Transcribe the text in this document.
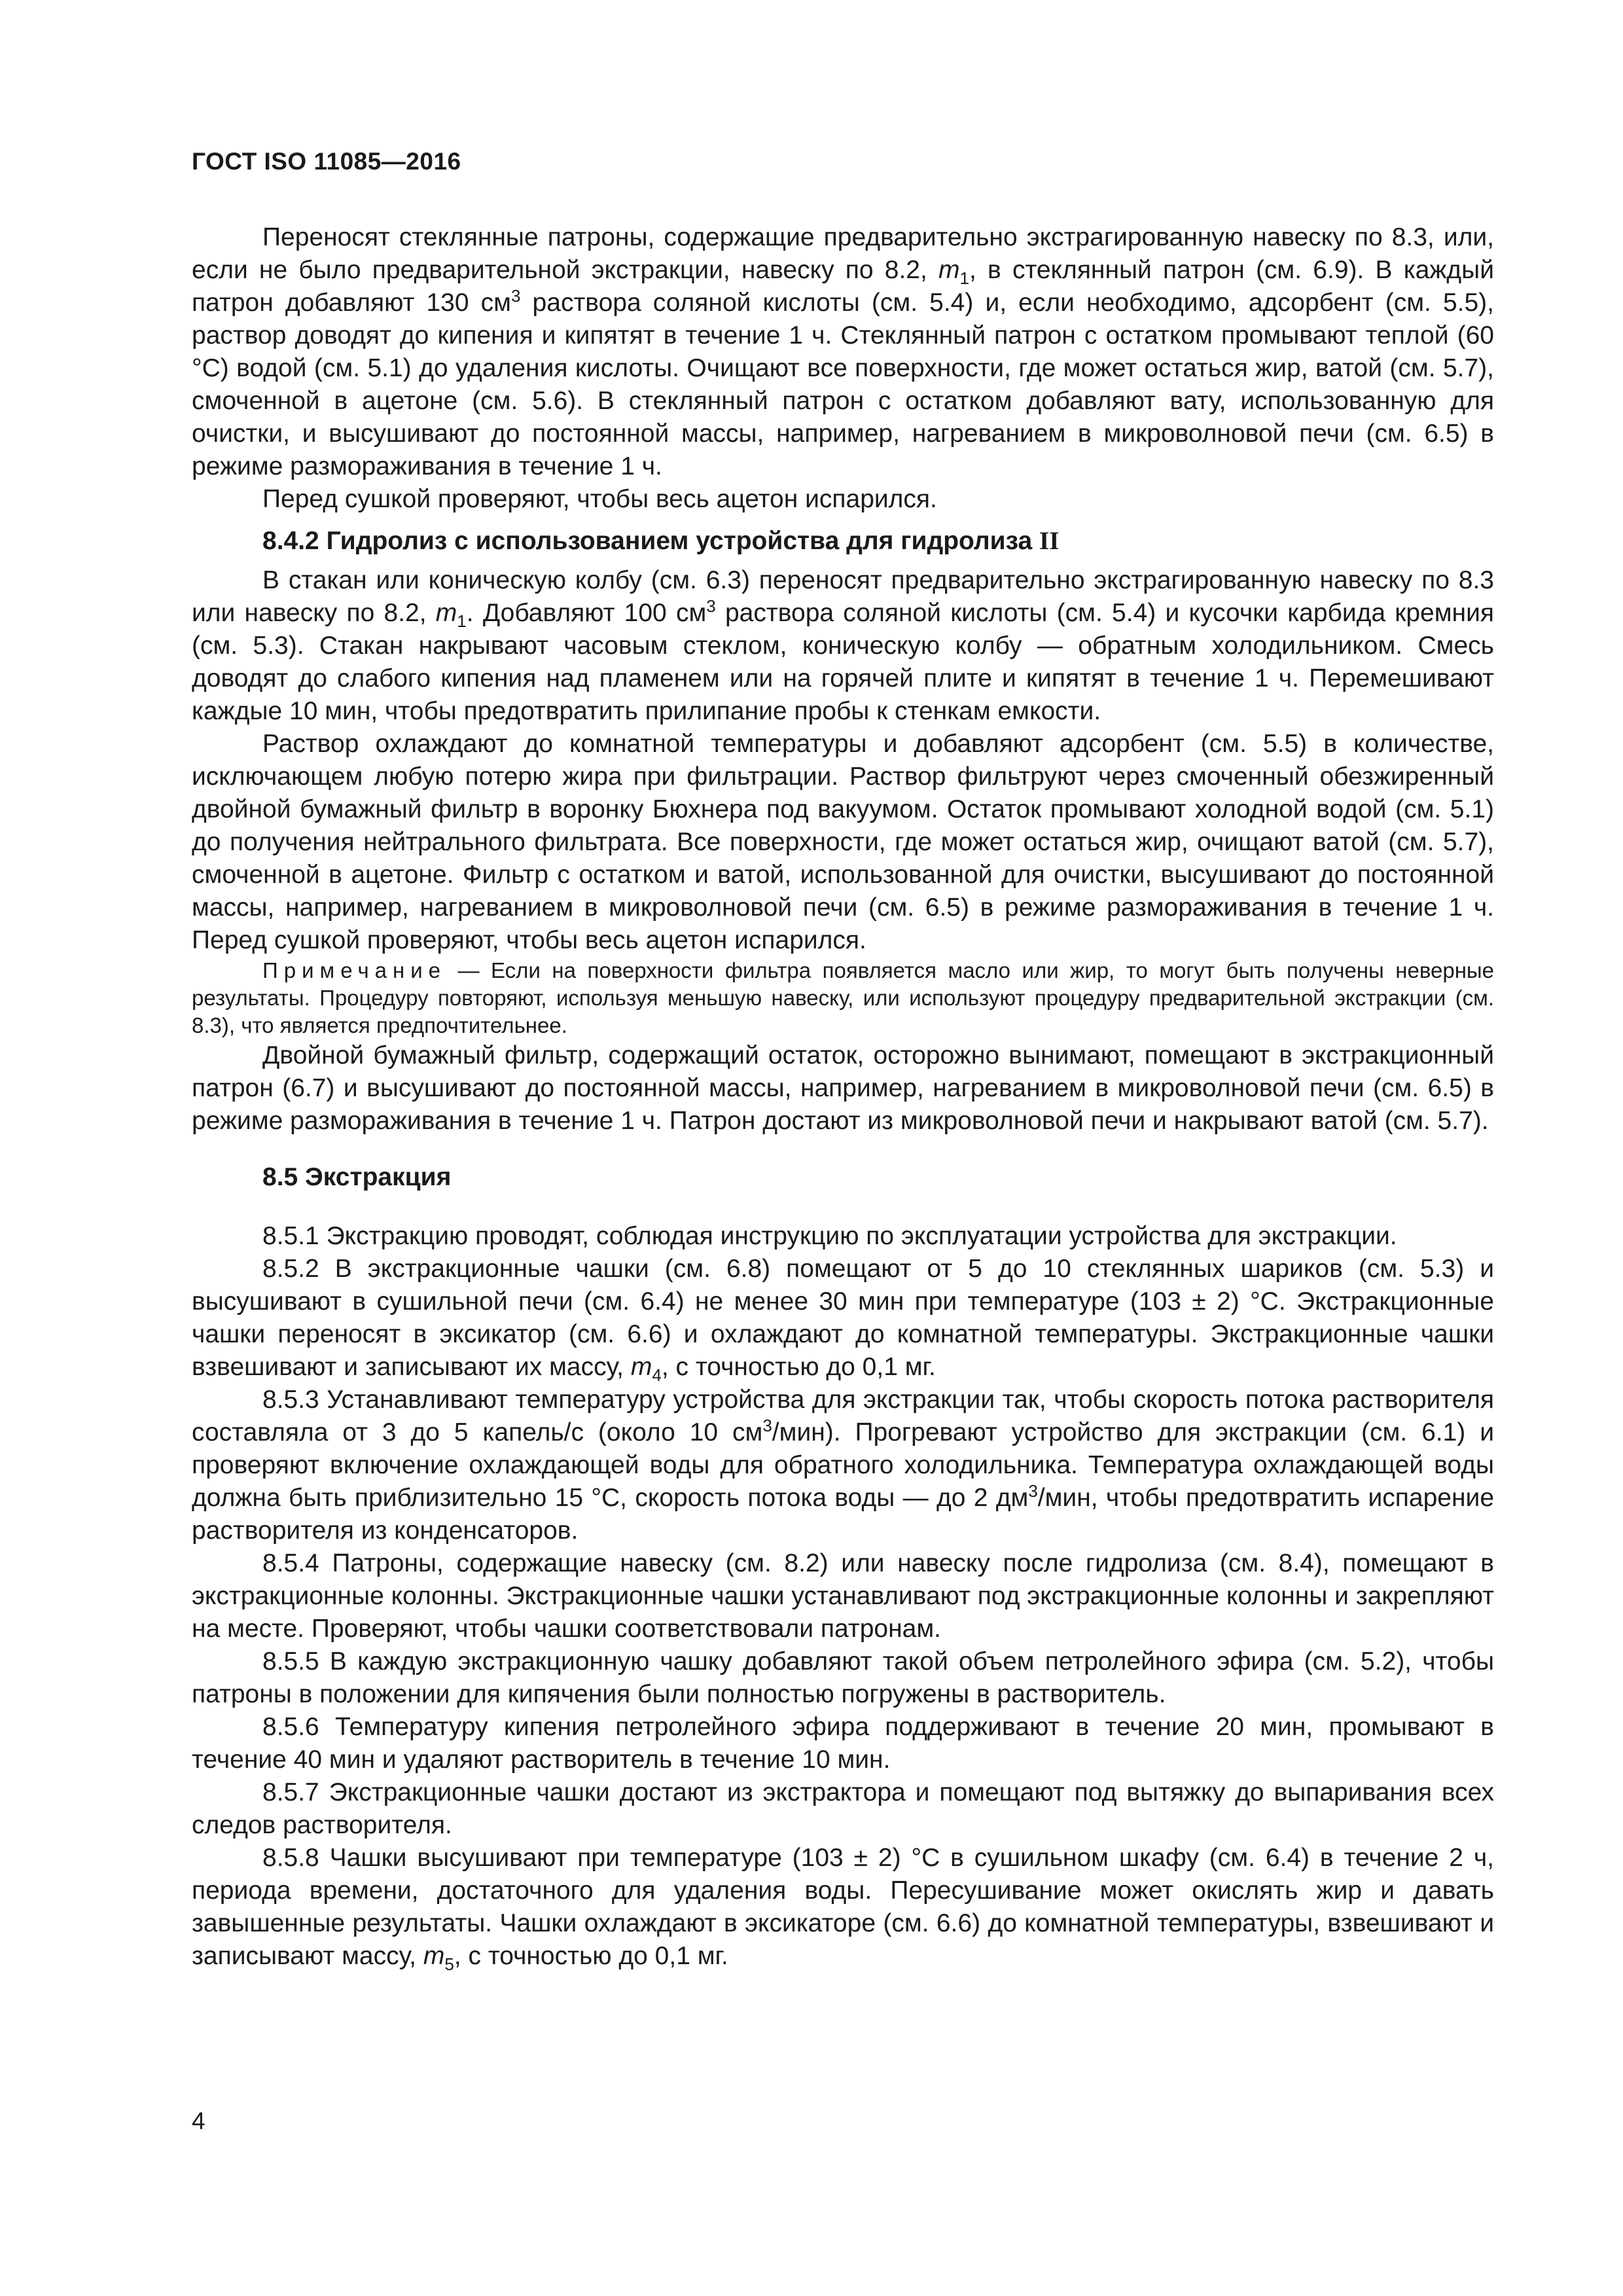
ГОСТ ISO 11085—2016

Переносят стеклянные патроны, содержащие предварительно экстрагированную навеску по 8.3, или, если не было предварительной экстракции, навеску по 8.2, $m_1$, в стеклянный патрон (см. 6.9). В каждый патрон добавляют 130 $см^3$ раствора соляной кислоты (см. 5.4) и, если необходимо, адсорбент (см. 5.5), раствор доводят до кипения и кипятят в течение 1 ч. Стеклянный патрон с остатком промывают теплой (60 °C) водой (см. 5.1) до удаления кислоты. Очищают все поверхности, где может остаться жир, ватой (см. 5.7), смоченной в ацетоне (см. 5.6). В стеклянный патрон с остатком добавляют вату, использованную для очистки, и высушивают до постоянной массы, например, нагреванием в микроволновой печи (см. 6.5) в режиме размораживания в течение 1 ч.

Перед сушкой проверяют, чтобы весь ацетон испарился.

8.4.2 Гидролиз с использованием устройства для гидролиза II

В стакан или коническую колбу (см. 6.3) переносят предварительно экстрагированную навеску по 8.3 или навеску по 8.2, $m_1$. Добавляют 100 $см^3$ раствора соляной кислоты (см. 5.4) и кусочки карбида кремния (см. 5.3). Стакан накрывают часовым стеклом, коническую колбу — обратным холодильником. Смесь доводят до слабого кипения над пламенем или на горячей плите и кипятят в течение 1 ч. Перемешивают каждые 10 мин, чтобы предотвратить прилипание пробы к стенкам емкости.

Раствор охлаждают до комнатной температуры и добавляют адсорбент (см. 5.5) в количестве, исключающем любую потерю жира при фильтрации. Раствор фильтруют через смоченный обезжиренный двойной бумажный фильтр в воронку Бюхнера под вакуумом. Остаток промывают холодной водой (см. 5.1) до получения нейтрального фильтрата. Все поверхности, где может остаться жир, очищают ватой (см. 5.7), смоченной в ацетоне. Фильтр с остатком и ватой, использованной для очистки, высушивают до постоянной массы, например, нагреванием в микроволновой печи (см. 6.5) в режиме размораживания в течение 1 ч. Перед сушкой проверяют, чтобы весь ацетон испарился.

Примечание — Если на поверхности фильтра появляется масло или жир, то могут быть получены неверные результаты. Процедуру повторяют, используя меньшую навеску, или используют процедуру предварительной экстракции (см. 8.3), что является предпочтительнее.

Двойной бумажный фильтр, содержащий остаток, осторожно вынимают, помещают в экстракционный патрон (6.7) и высушивают до постоянной массы, например, нагреванием в микроволновой печи (см. 6.5) в режиме размораживания в течение 1 ч. Патрон достают из микроволновой печи и накрывают ватой (см. 5.7).

8.5 Экстракция

8.5.1 Экстракцию проводят, соблюдая инструкцию по эксплуатации устройства для экстракции.

8.5.2 В экстракционные чашки (см. 6.8) помещают от 5 до 10 стеклянных шариков (см. 5.3) и высушивают в сушильной печи (см. 6.4) не менее 30 мин при температуре (103 ± 2) °C. Экстракционные чашки переносят в эксикатор (см. 6.6) и охлаждают до комнатной температуры. Экстракционные чашки взвешивают и записывают их массу, $m_4$, с точностью до 0,1 мг.

8.5.3 Устанавливают температуру устройства для экстракции так, чтобы скорость потока растворителя составляла от 3 до 5 капель/с (около 10 $см^3/мин$). Прогревают устройство для экстракции (см. 6.1) и проверяют включение охлаждающей воды для обратного холодильника. Температура охлаждающей воды должна быть приблизительно 15 °C, скорость потока воды — до 2 $дм^3$/мин, чтобы предотвратить испарение растворителя из конденсаторов.

8.5.4 Патроны, содержащие навеску (см. 8.2) или навеску после гидролиза (см. 8.4), помещают в экстракционные колонны. Экстракционные чашки устанавливают под экстракционные колонны и закрепляют на месте. Проверяют, чтобы чашки соответствовали патронам.

8.5.5 В каждую экстракционную чашку добавляют такой объем петролейного эфира (см. 5.2), чтобы патроны в положении для кипячения были полностью погружены в растворитель.

8.5.6 Температуру кипения петролейного эфира поддерживают в течение 20 мин, промывают в течение 40 мин и удаляют растворитель в течение 10 мин.

8.5.7 Экстракционные чашки достают из экстрактора и помещают под вытяжку до выпаривания всех следов растворителя.

8.5.8 Чашки высушивают при температуре (103 ± 2) °C в сушильном шкафу (см. 6.4) в течение 2 ч, периода времени, достаточного для удаления воды. Пересушивание может окислять жир и давать завышенные результаты. Чашки охлаждают в эксикаторе (см. 6.6) до комнатной температуры, взвешивают и записывают массу, $m_5$, с точностью до 0,1 мг.

4
